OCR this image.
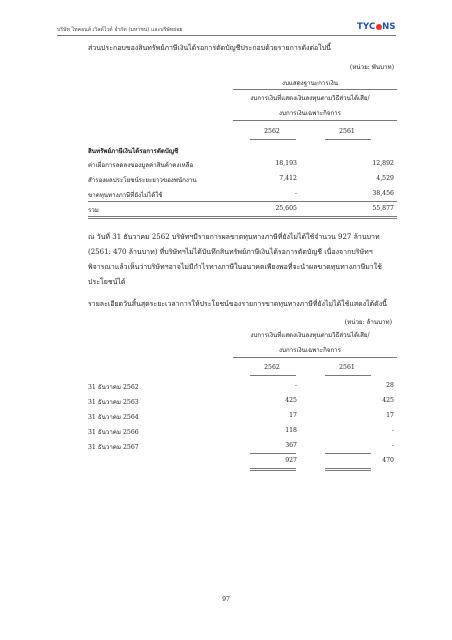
บริษัท ไทคอนส์ เวิลด์ไวด์ จำกัด (มหาชน) และบริษัทย่อย	TYC NS
ส่วนประกอบของสินทรัพย์ภาษีเงินได้รอการตัดบัญชีประกอบด้วยรายการดังต่อไปนี้
(หน่วย: พันบาท)
งบแสดงฐานะการเงิน
งบการเงินที่แสดงเงินลงทุนตามวิธีส่วนได้เสีย/
งบการเงินเฉพาะกิจการ
2562	2561
สินทรัพย์ภาษีเงินได้รอการตัดบัญชี
ค่าเผื่อการลดลงของมูลค่าสินค้าคงเหลือ	18,193	12,892
สำรองผลประโยชน์ระยะยาวของพนักงาน	7,412	4,529
ขาดทุนทางภาษีที่ยังไม่ได้ใช้	-	38,456
รวม	25,605	55,877
ณ วันที่ 31 ธันวาคม 2562 บริษัทฯมีรายการผลขาดทุนทางภาษีที่ยังไม่ได้ใช้จำนวน 927 ล้านบาท
(2561: 470 ล้านบาท) ที่บริษัทฯไม่ได้บันทึกสินทรัพย์ภาษีเงินได้รอการตัดบัญชี เนื่องจากบริษัทฯ
พิจารณาแล้วเห็นว่าบริษัทฯอาจไม่มีกำไรทางภาษีในอนาคตเพียงพอที่จะนำผลขาดทุนทางภาษีมาใช้
ประโยชน์ได้
รายละเอียดวันสิ้นสุดระยะเวลาการให้ประโยชน์ของรายการขาดทุนทางภาษีที่ยังไม่ได้ใช้แสดงได้ดังนี้
(หน่วย: ล้านบาท)
งบการเงินที่แสดงเงินลงทุนตามวิธีส่วนได้เสีย/
งบการเงินเฉพาะกิจการ
2562	2561
31 ธันวาคม 2562	-	28
31 ธันวาคม 2563	425	425
31 ธันวาคม 2564	17	17
31 ธันวาคม 2566	118	-
31 ธันวาคม 2567	367	-
927	470
97
